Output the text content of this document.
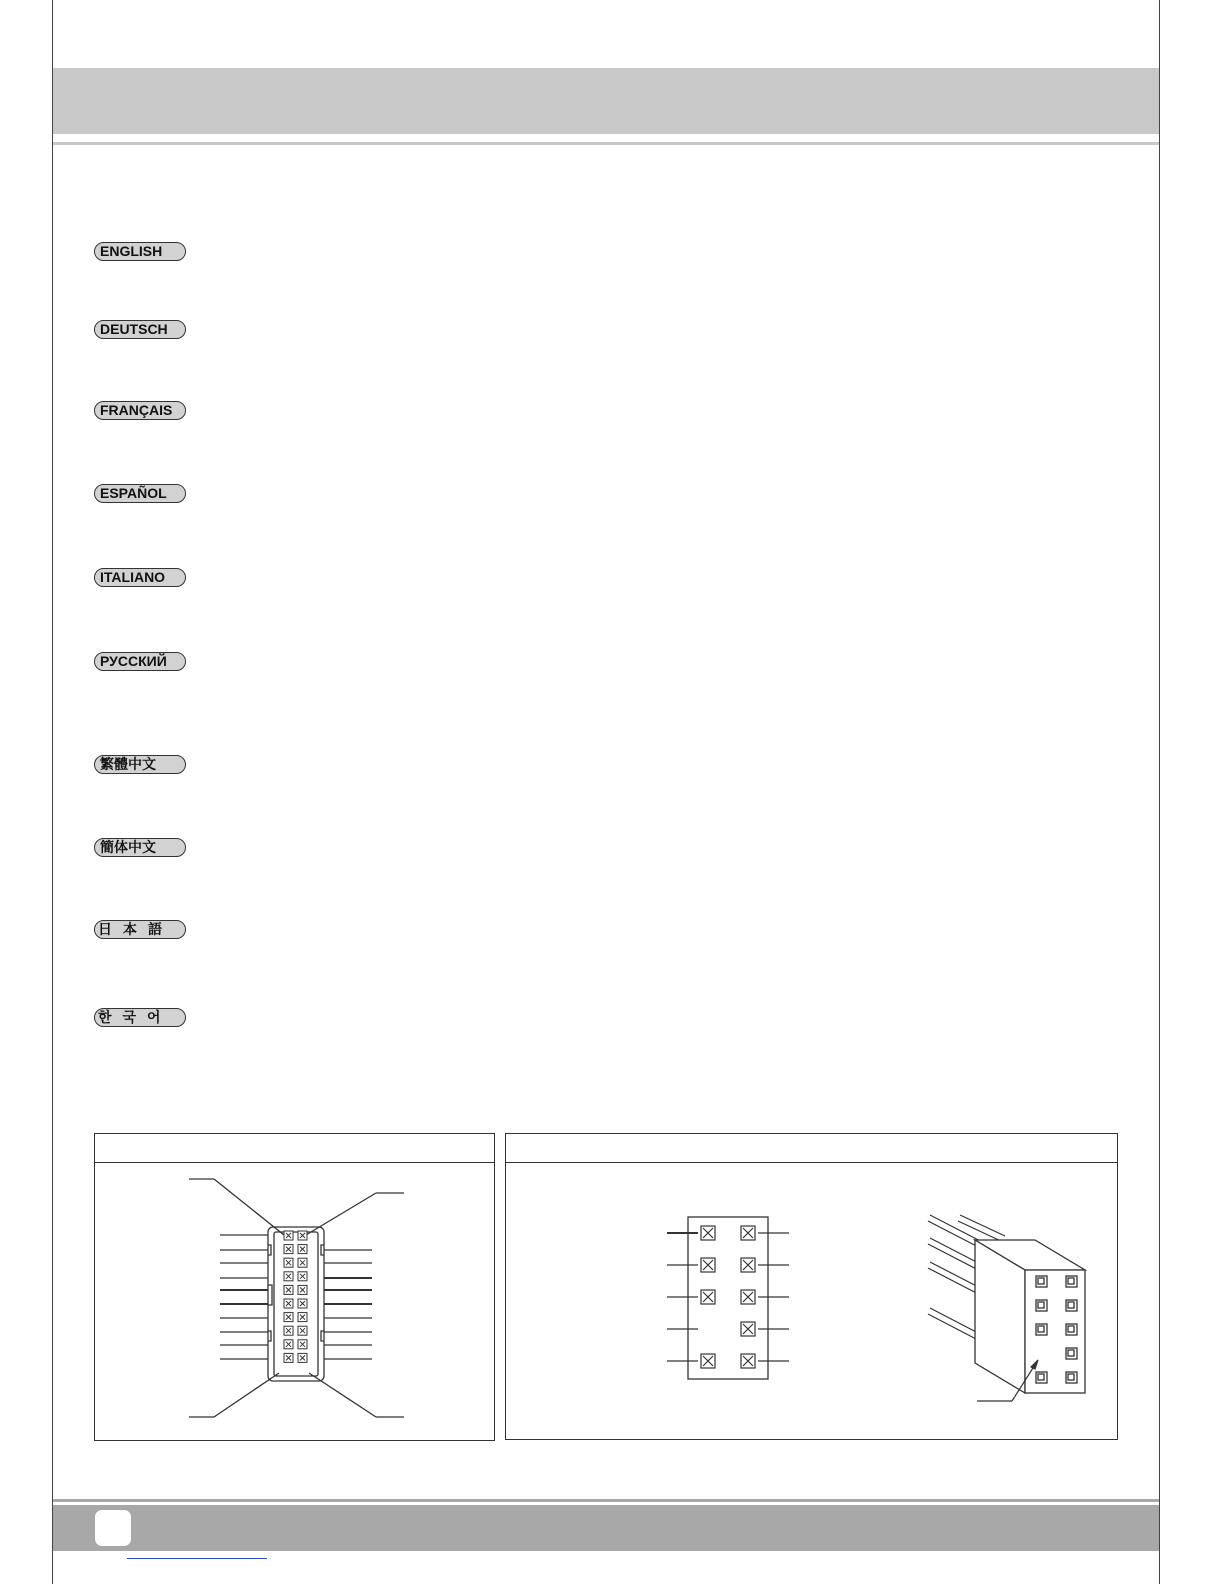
ENGLISH
DEUTSCH
FRANÇAIS
ESPAÑOL
ITALIANO
РУССКИЙ
繁體中文
簡体中文
日本語
한국어
